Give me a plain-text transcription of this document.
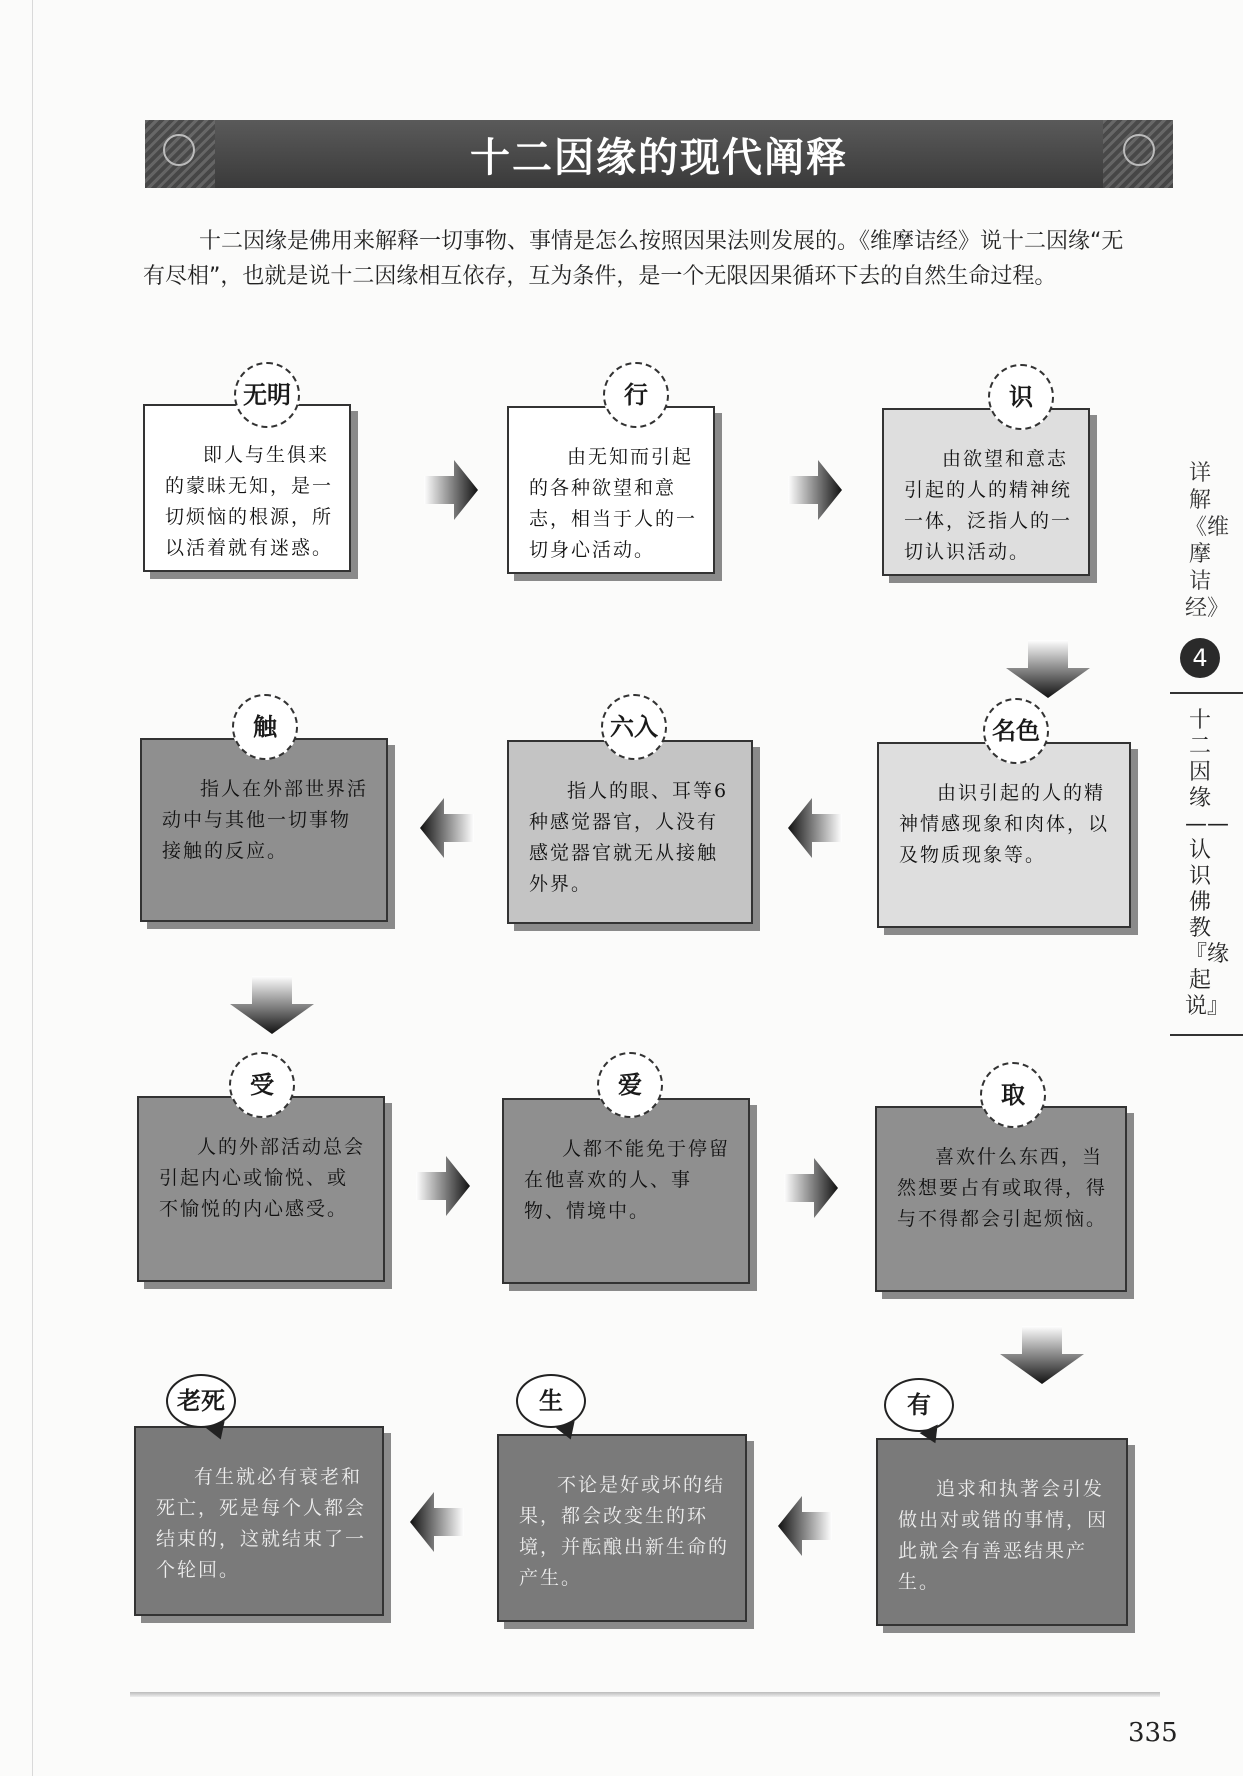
十二因缘的现代阐释
十二因缘是佛用来解释一切事物、事情是怎么按照因果法则发展的。《维摩诘经》说十二因缘“无有尽相”，也就是说十二因缘相互依存，互为条件，是一个无限因果循环下去的自然生命过程。
即人与生俱来的蒙昧无知，是一切烦恼的根源，所以活着就有迷惑。
无明
由无知而引起的各种欲望和意志，相当于人的一切身心活动。
行
由欲望和意志引起的人的精神统一体，泛指人的一切认识活动。
识
指人在外部世界活动中与其他一切事物接触的反应。
触
指人的眼、耳等6种感觉器官，人没有感觉器官就无从接触外界。
六入
由识引起的人的精神情感现象和肉体，以及物质现象等。
名色
人的外部活动总会引起内心或愉悦、或不愉悦的内心感受。
受
人都不能免于停留在他喜欢的人、事物、情境中。
爱
喜欢什么东西，当然想要占有或取得，得与不得都会引起烦恼。
取
有生就必有衰老和死亡，死是每个人都会结束的，这就结束了一个轮回。
老死
不论是好或坏的结果，都会改变生的环境，并酝酿出新生命的产生。
生
追求和执著会引发做出对或错的事情，因此就会有善恶结果产生。
有
详解《维摩诘经》
4
十二因缘——认识佛教『缘起说』
335
